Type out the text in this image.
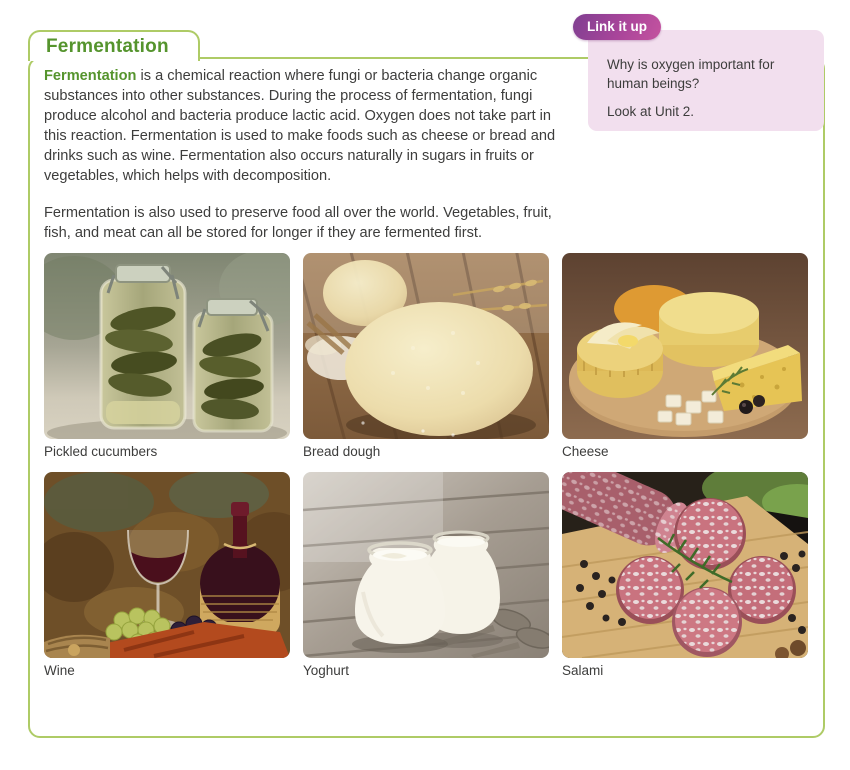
Fermentation
Why is oxygen important for human beings?
Look at Unit 2.
Link it up

Fermentation is a chemical reaction where fungi or bacteria change organic substances into other substances. During the process of fermentation, fungi produce alcohol and bacteria produce lactic acid. Oxygen does not take part in this reaction. Fermentation is used to make foods such as cheese or bread and drinks such as wine. Fermentation also occurs naturally in sugars in fruits or vegetables, which helps with decomposition.

Fermentation is also used to preserve food all over the world. Vegetables, fruit, fish, and meat can all be stored for longer if they are fermented first.

Pickled cucumbers	Bread dough	Cheese
Wine	Yoghurt	Salami
